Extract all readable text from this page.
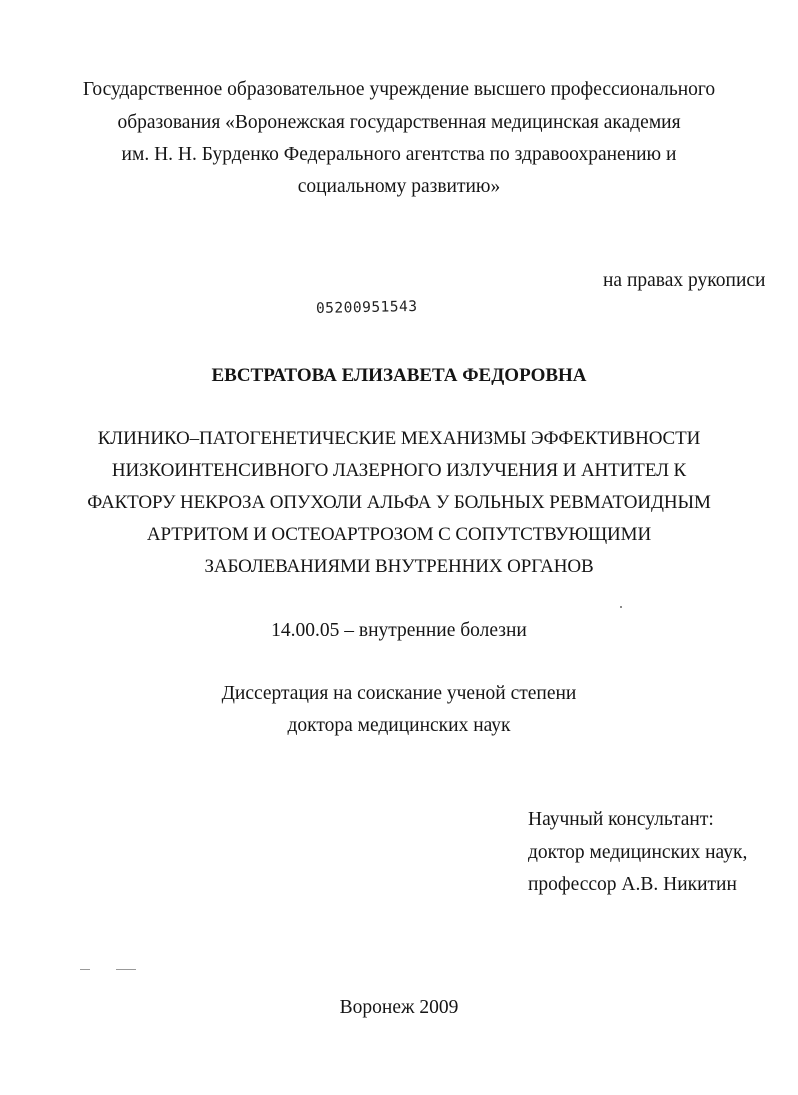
Государственное образовательное учреждение высшего профессионального
образования «Воронежская государственная медицинская академия
им. Н. Н. Бурденко Федерального агентства по здравоохранению и
социальному развитию»
на правах рукописи
05200951543
ЕВСТРАТОВА ЕЛИЗАВЕТА ФЕДОРОВНА
КЛИНИКО–ПАТОГЕНЕТИЧЕСКИЕ МЕХАНИЗМЫ ЭФФЕКТИВНОСТИ
НИЗКОИНТЕНСИВНОГО ЛАЗЕРНОГО ИЗЛУЧЕНИЯ И АНТИТЕЛ К
ФАКТОРУ НЕКРОЗА ОПУХОЛИ АЛЬФА У БОЛЬНЫХ РЕВМАТОИДНЫМ
АРТРИТОМ И ОСТЕОАРТРОЗОМ С СОПУТСТВУЮЩИМИ
ЗАБОЛЕВАНИЯМИ ВНУТРЕННИХ ОРГАНОВ
14.00.05 – внутренние болезни
Диссертация на соискание ученой степени
доктора медицинских наук
Научный консультант:
доктор медицинских наук,
профессор А.В. Никитин
Воронеж 2009
